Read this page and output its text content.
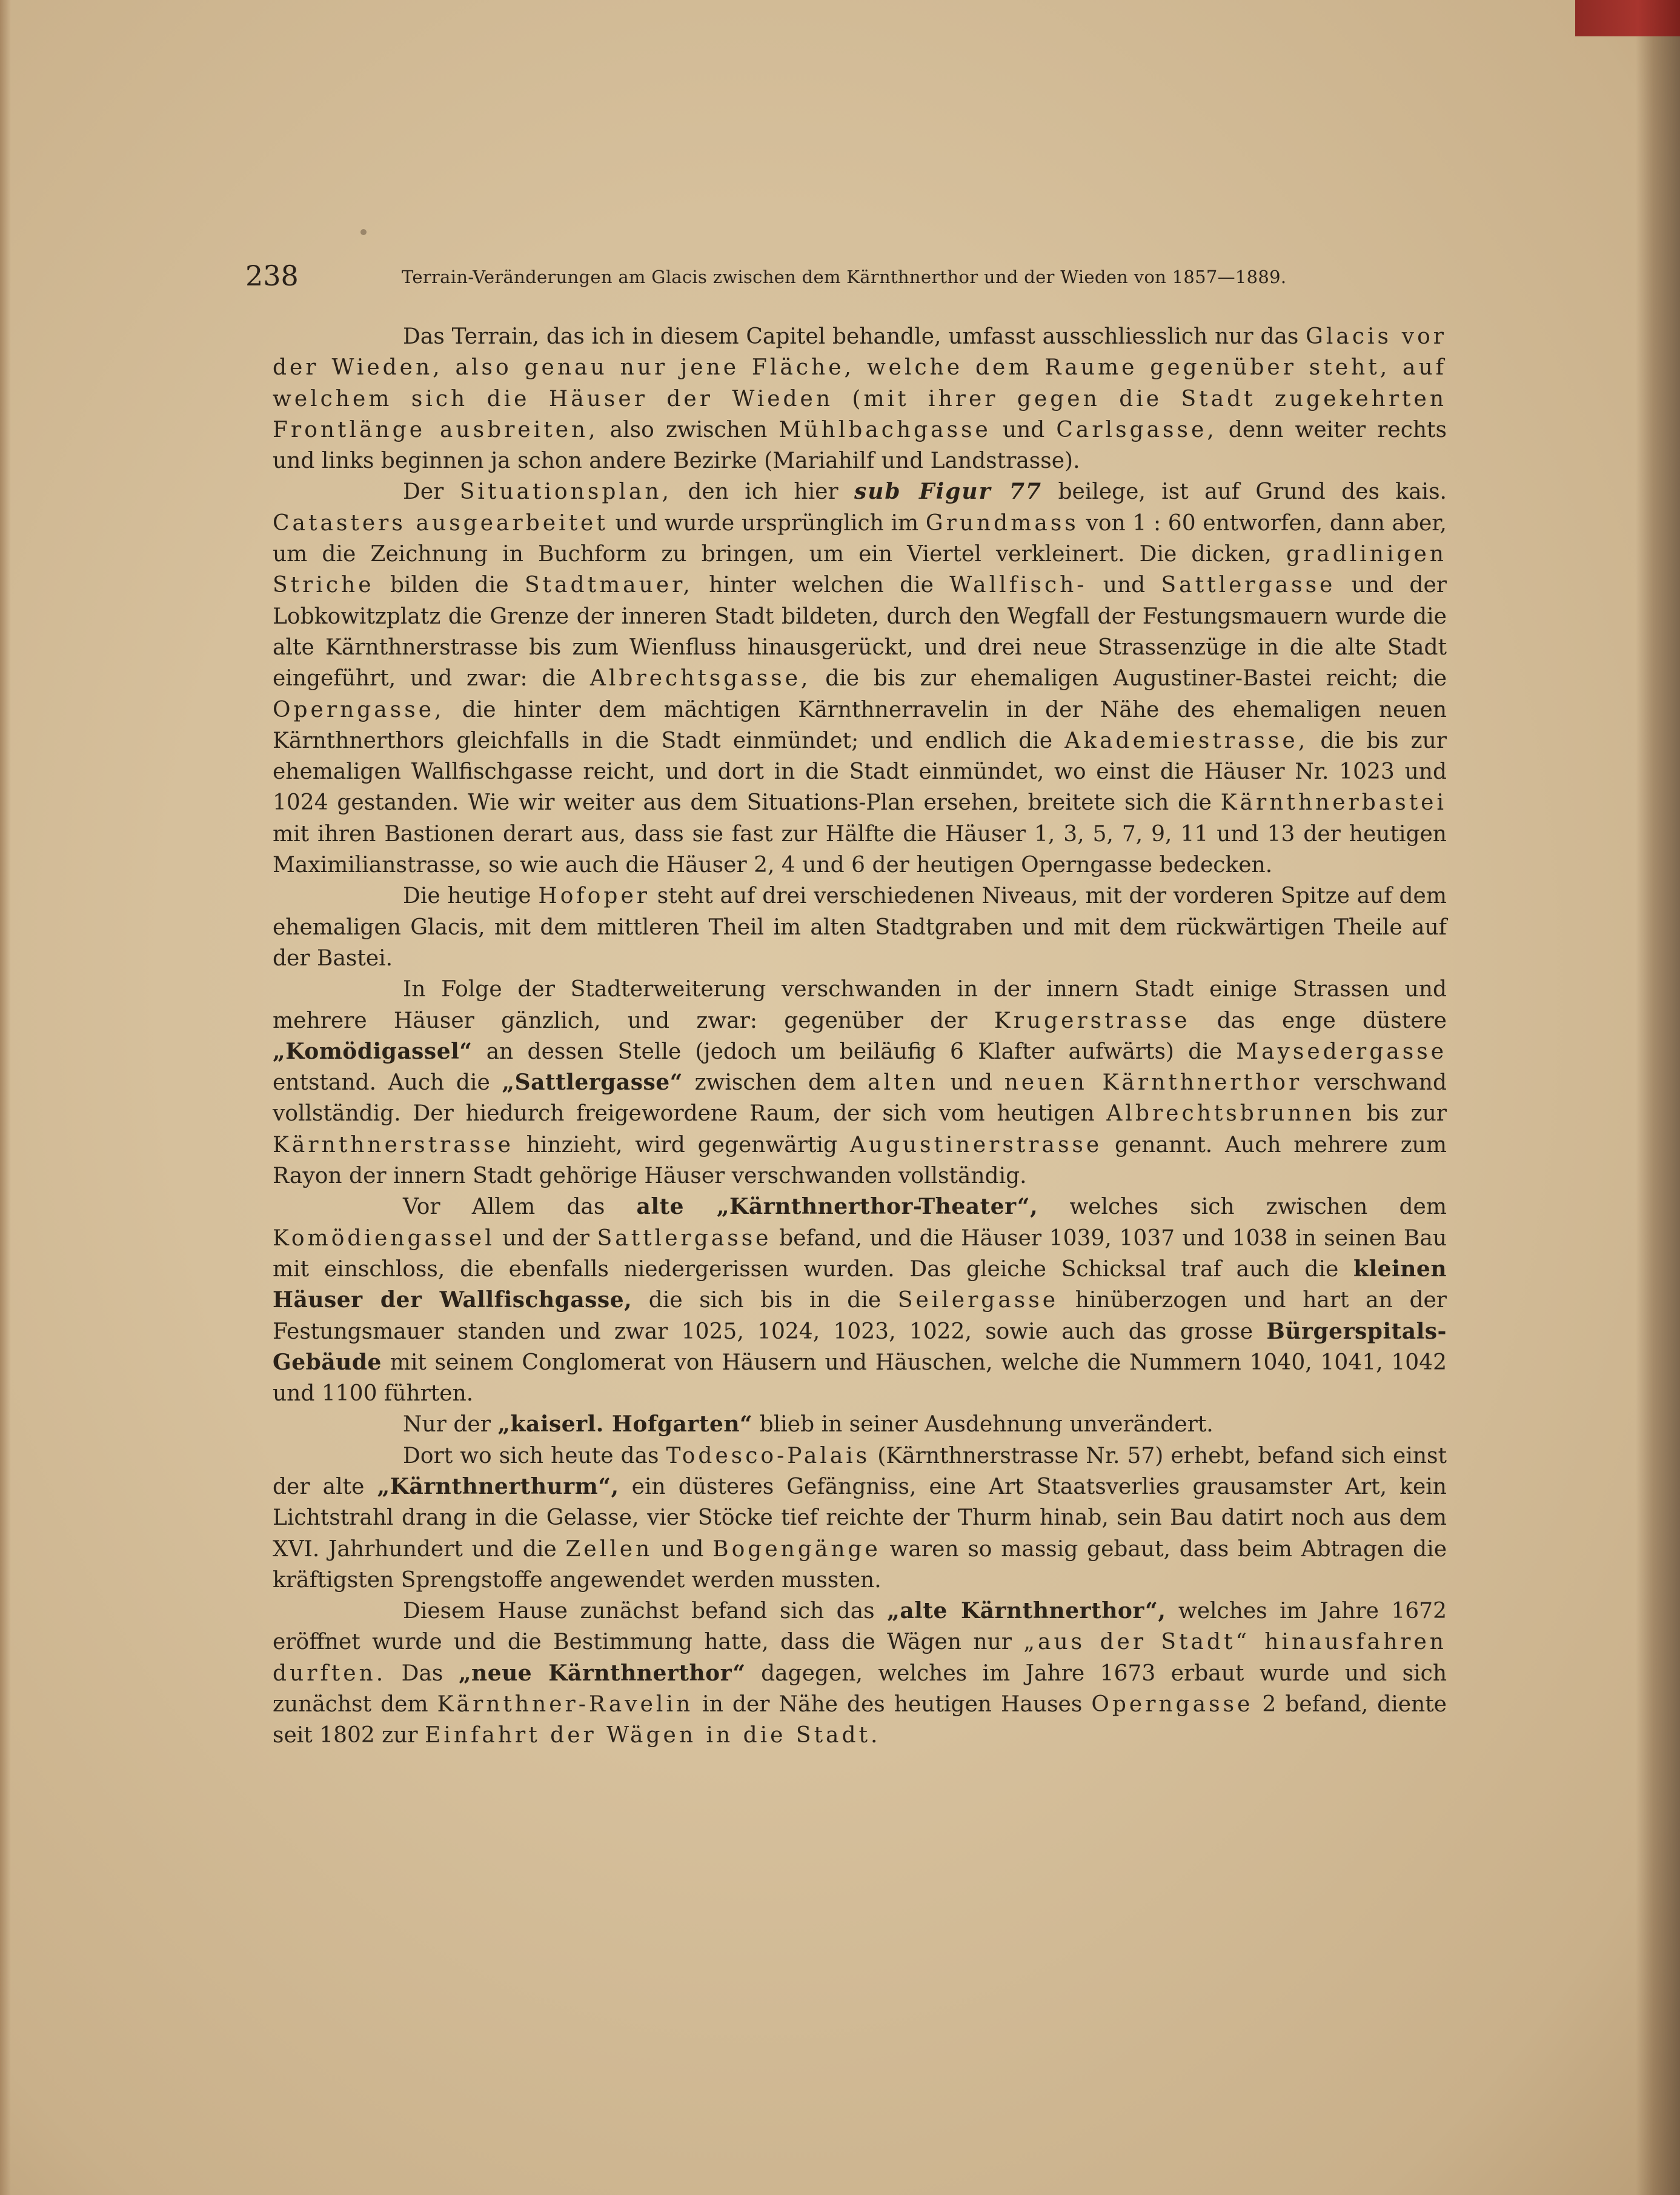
238	Terrain-Veränderungen am Glacis zwischen dem Kärnthnerthor und der Wieden von 1857—1889.

Das Terrain, das ich in diesem Capitel behandle, umfasst ausschliesslich nur das Glacis vor der Wieden, also genau nur jene Fläche, welche dem Raume gegenüber steht, auf welchem sich die Häuser der Wieden (mit ihrer gegen die Stadt zugekehrten Frontlänge ausbreiten, also zwischen Mühlbachgasse und Carlsgasse, denn weiter rechts und links beginnen ja schon andere Bezirke (Mariahilf und Landstrasse).

Der Situationsplan, den ich hier sub Figur 77 beilege, ist auf Grund des kais. Catasters ausgearbeitet und wurde ursprünglich im Grundmass von 1 : 60 entworfen, dann aber, um die Zeichnung in Buchform zu bringen, um ein Viertel verkleinert. Die dicken, gradlinigen Striche bilden die Stadtmauer, hinter welchen die Wallfisch- und Sattlergasse und der Lobkowitzplatz die Grenze der inneren Stadt bildeten, durch den Wegfall der Festungsmauern wurde die alte Kärnthnerstrasse bis zum Wienfluss hinausgerückt, und drei neue Strassenzüge in die alte Stadt eingeführt, und zwar: die Albrechtsgasse, die bis zur ehemaligen Augustiner-Bastei reicht; die Operngasse, die hinter dem mächtigen Kärnthnerravelin in der Nähe des ehemaligen neuen Kärnthnerthors gleichfalls in die Stadt einmündet; und endlich die Akademiestrasse, die bis zur ehemaligen Wallfischgasse reicht, und dort in die Stadt einmündet, wo einst die Häuser Nr. 1023 und 1024 gestanden. Wie wir weiter aus dem Situations-Plan ersehen, breitete sich die Kärnthnerbastei mit ihren Bastionen derart aus, dass sie fast zur Hälfte die Häuser 1, 3, 5, 7, 9, 11 und 13 der heutigen Maximilianstrasse, so wie auch die Häuser 2, 4 und 6 der heutigen Operngasse bedecken.

Die heutige Hofoper steht auf drei verschiedenen Niveaus, mit der vorderen Spitze auf dem ehemaligen Glacis, mit dem mittleren Theil im alten Stadtgraben und mit dem rückwärtigen Theile auf der Bastei.

In Folge der Stadterweiterung verschwanden in der innern Stadt einige Strassen und mehrere Häuser gänzlich, und zwar: gegenüber der Krugerstrasse das enge düstere „Komödigassel“ an dessen Stelle (jedoch um beiläufig 6 Klafter aufwärts) die Maysedergasse entstand. Auch die „Sattlergasse“ zwischen dem alten und neuen Kärnthnerthor verschwand vollständig. Der hiedurch freigewordene Raum, der sich vom heutigen Albrechtsbrunnen bis zur Kärnthnerstrasse hinzieht, wird gegenwärtig Augustinerstrasse genannt. Auch mehrere zum Rayon der innern Stadt gehörige Häuser verschwanden vollständig.

Vor Allem das alte „Kärnthnerthor-Theater“, welches sich zwischen dem Komödiengassel und der Sattlergasse befand, und die Häuser 1039, 1037 und 1038 in seinen Bau mit einschloss, die ebenfalls niedergerissen wurden. Das gleiche Schicksal traf auch die kleinen Häuser der Wallfischgasse, die sich bis in die Seilergasse hinüberzogen und hart an der Festungsmauer standen und zwar 1025, 1024, 1023, 1022, sowie auch das grosse Bürgerspitals-Gebäude mit seinem Conglomerat von Häusern und Häuschen, welche die Nummern 1040, 1041, 1042 und 1100 führten.

Nur der „kaiserl. Hofgarten“ blieb in seiner Ausdehnung unverändert.

Dort wo sich heute das Todesco-Palais (Kärnthnerstrasse Nr. 57) erhebt, befand sich einst der alte „Kärnthnerthurm“, ein düsteres Gefängniss, eine Art Staatsverlies grausamster Art, kein Lichtstrahl drang in die Gelasse, vier Stöcke tief reichte der Thurm hinab, sein Bau datirt noch aus dem XVI. Jahrhundert und die Zellen und Bogengänge waren so massig gebaut, dass beim Abtragen die kräftigsten Sprengstoffe angewendet werden mussten.

Diesem Hause zunächst befand sich das „alte Kärnthnerthor“, welches im Jahre 1672 eröffnet wurde und die Bestimmung hatte, dass die Wägen nur „aus der Stadt“ hinausfahren durften. Das „neue Kärnthnerthor“ dagegen, welches im Jahre 1673 erbaut wurde und sich zunächst dem Kärnthner-Ravelin in der Nähe des heutigen Hauses Operngasse 2 befand, diente seit 1802 zur Einfahrt der Wägen in die Stadt.
